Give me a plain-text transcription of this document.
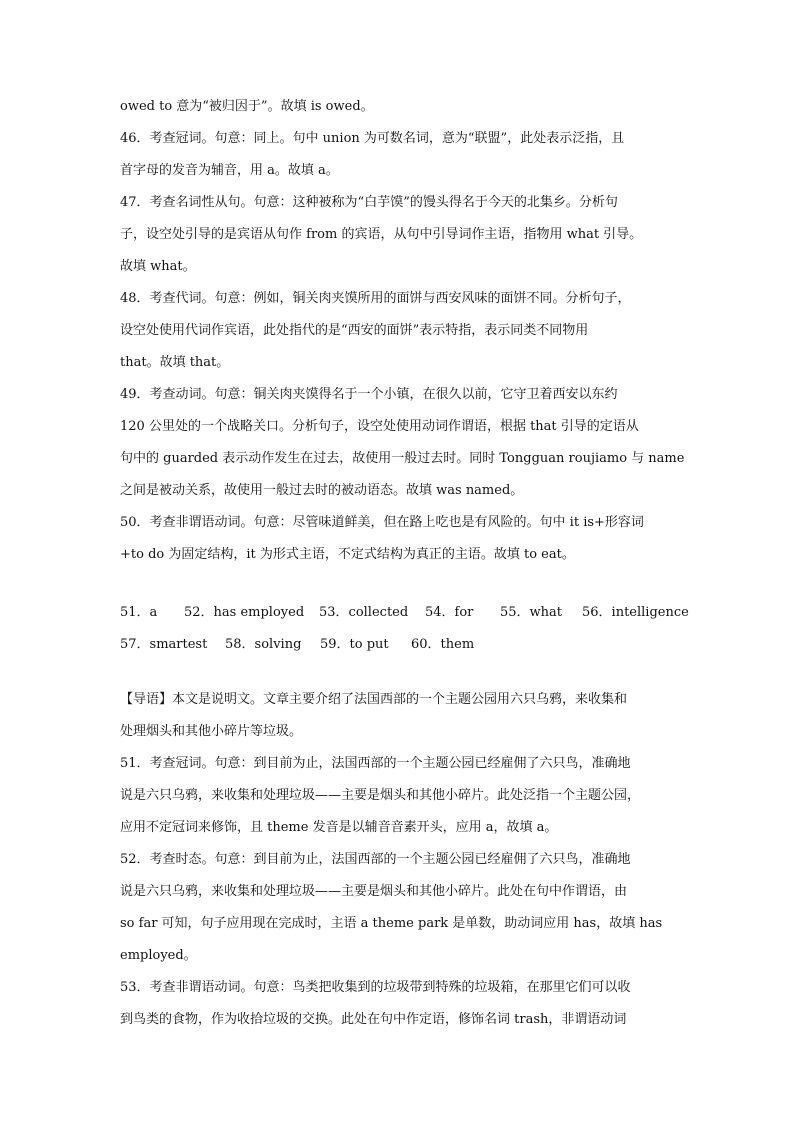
owed to 意为“被归因于”。故填 is owed。
46．考查冠词。句意：同上。句中 union 为可数名词，意为“联盟”，此处表示泛指，且
首字母的发音为辅音，用 a。故填 a。
47．考查名词性从句。句意：这种被称为“白芋馍”的馒头得名于今天的北集乡。分析句
子，设空处引导的是宾语从句作 from 的宾语，从句中引导词作主语，指物用 what 引导。
故填 what。
48．考查代词。句意：例如，铜关肉夹馍所用的面饼与西安风味的面饼不同。分析句子，
设空处使用代词作宾语，此处指代的是“西安的面饼”表示特指，表示同类不同物用
that。故填 that。
49．考查动词。句意：铜关肉夹馍得名于一个小镇，在很久以前，它守卫着西安以东约
120 公里处的一个战略关口。分析句子，设空处使用动词作谓语，根据 that 引导的定语从
句中的 guarded 表示动作发生在过去，故使用一般过去时。同时 Tongguan roujiamo 与 name
之间是被动关系，故使用一般过去时的被动语态。故填 was named。
50．考查非谓语动词。句意：尽管味道鲜美，但在路上吃也是有风险的。句中 it is+形容词
+to do 为固定结构，it 为形式主语，不定式结构为真正的主语。故填 to eat。
51．a 52．has employed 53．collected 54．for 55．what 56．intelligence
57．smartest 58．solving 59．to put 60．them
【导语】本文是说明文。文章主要介绍了法国西部的一个主题公园用六只乌鸦，来收集和
处理烟头和其他小碎片等垃圾。
51．考查冠词。句意：到目前为止，法国西部的一个主题公园已经雇佣了六只鸟，准确地
说是六只乌鸦，来收集和处理垃圾——主要是烟头和其他小碎片。此处泛指一个主题公园，
应用不定冠词来修饰，且 theme 发音是以辅音音素开头，应用 a，故填 a。
52．考查时态。句意：到目前为止，法国西部的一个主题公园已经雇佣了六只鸟，准确地
说是六只乌鸦，来收集和处理垃圾——主要是烟头和其他小碎片。此处在句中作谓语，由
so far 可知，句子应用现在完成时，主语 a theme park 是单数，助动词应用 has，故填 has
employed。
53．考查非谓语动词。句意：鸟类把收集到的垃圾带到特殊的垃圾箱，在那里它们可以收
到鸟类的食物，作为收拾垃圾的交换。此处在句中作定语，修饰名词 trash，非谓语动词
